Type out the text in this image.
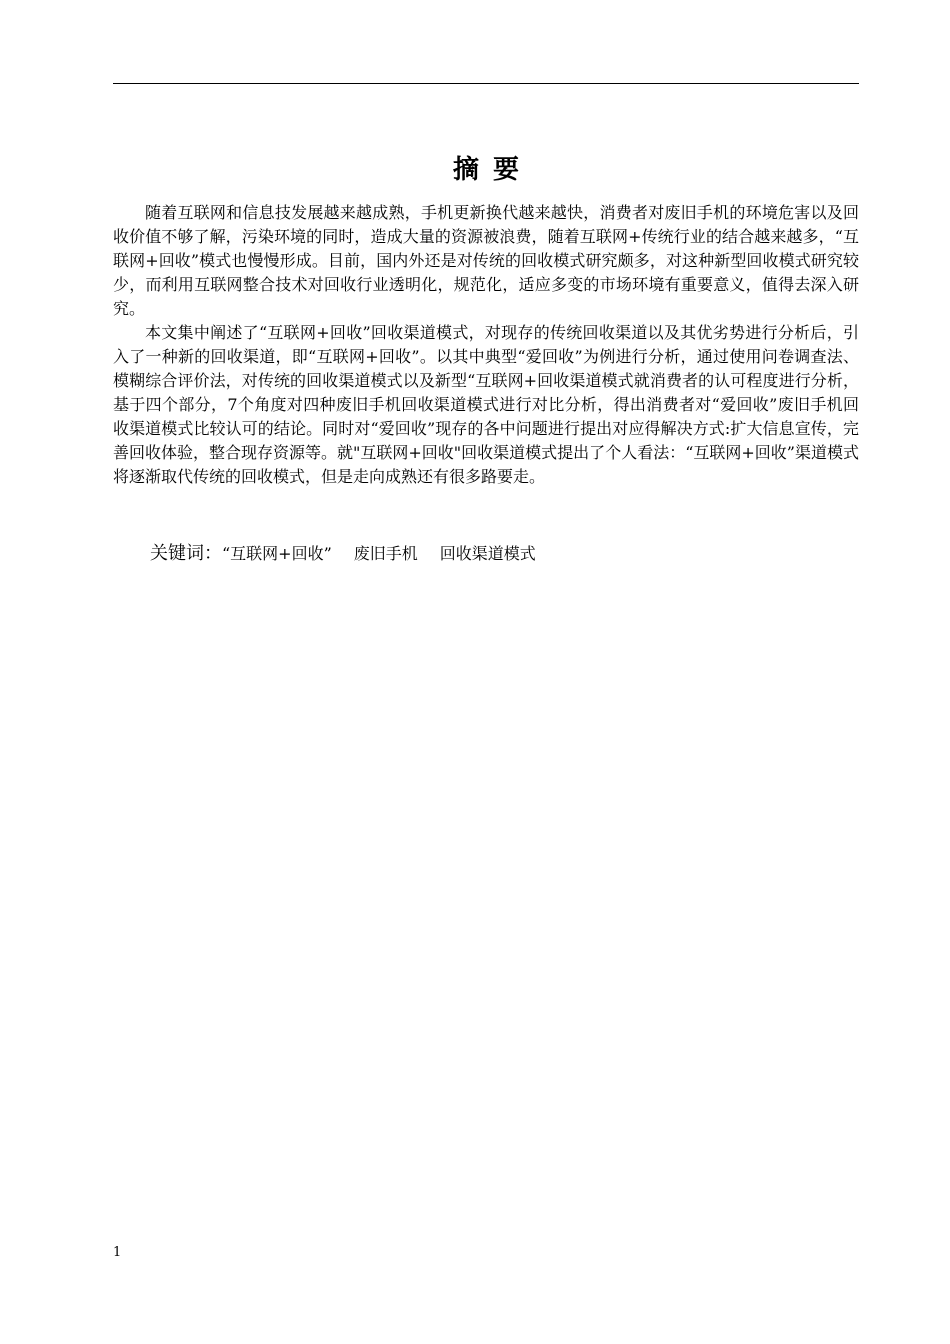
摘要

随着互联网和信息技发展越来越成熟，手机更新换代越来越快，消费者对废旧手机的环境危害以及回收价值不够了解，污染环境的同时，造成大量的资源被浪费，随着互联网+传统行业的结合越来越多，“互联网+回收”模式也慢慢形成。目前，国内外还是对传统的回收模式研究颇多，对这种新型回收模式研究较少，而利用互联网整合技术对回收行业透明化，规范化，适应多变的市场环境有重要意义，值得去深入研究。

本文集中阐述了“互联网+回收”回收渠道模式，对现存的传统回收渠道以及其优劣势进行分析后，引入了一种新的回收渠道，即“互联网+回收”。以其中典型“爱回收”为例进行分析，通过使用问卷调查法、模糊综合评价法，对传统的回收渠道模式以及新型“互联网+回收渠道模式就消费者的认可程度进行分析，基于四个部分，7个角度对四种废旧手机回收渠道模式进行对比分析，得出消费者对“爱回收”废旧手机回收渠道模式比较认可的结论。同时对“爱回收”现存的各中问题进行提出对应得解决方式:扩大信息宣传，完善回收体验，整合现存资源等。就"互联网+回收"回收渠道模式提出了个人看法：“互联网+回收”渠道模式将逐渐取代传统的回收模式，但是走向成熟还有很多路要走。

关键词：“互联网+回收” 废旧手机 回收渠道模式
1
